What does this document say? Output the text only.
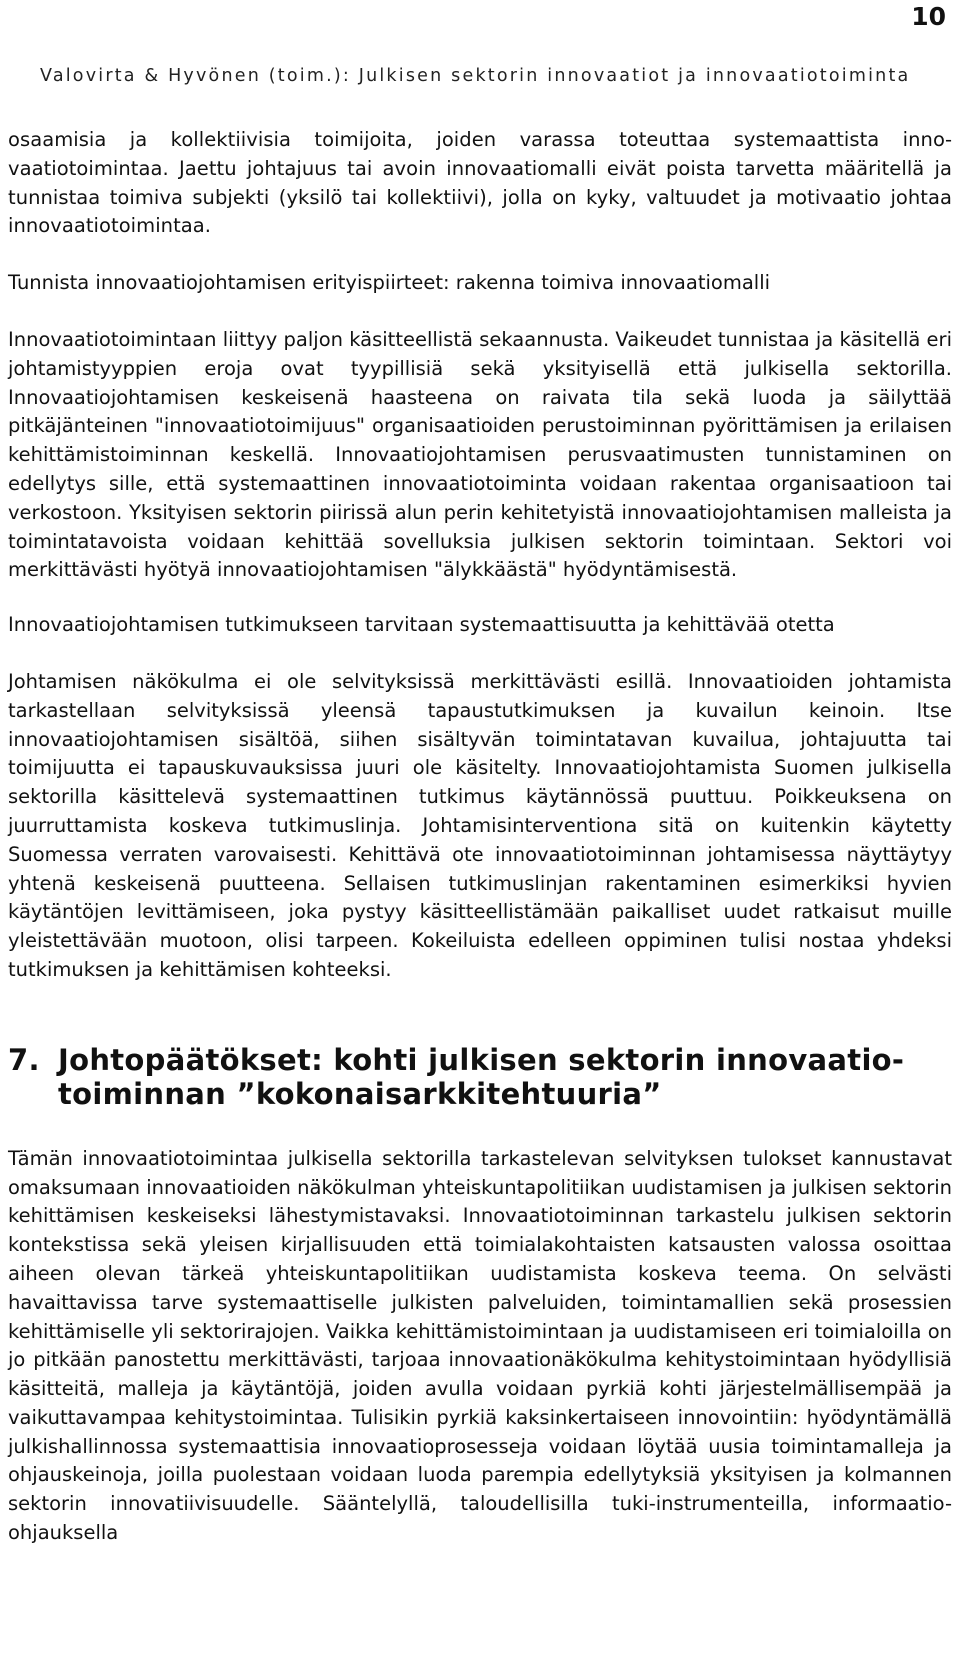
10
Valovirta & Hyvönen (toim.): Julkisen sektorin innovaatiot ja innovaatiotoiminta

osaamisia ja kollektiivisia toimijoita, joiden varassa toteuttaa systemaattista innovaatiotoimintaa. Jaettu johtajuus tai avoin innovaatiomalli eivät poista tarvetta määritellä ja tunnistaa toimiva subjekti (yksilö tai kollektiivi), jolla on kyky, valtuudet ja motivaatio johtaa innovaatiotoimintaa.

Tunnista innovaatiojohtamisen erityispiirteet: rakenna toimiva innovaatiomalli

Innovaatiotoimintaan liittyy paljon käsitteellistä sekaannusta. Vaikeudet tunnistaa ja käsitellä eri johtamistyyppien eroja ovat tyypillisiä sekä yksityisellä että julkisella sektorilla. Innovaatiojohtamisen keskeisenä haasteena on raivata tila sekä luoda ja säilyttää pitkäjänteinen "innovaatiotoimijuus" organisaatioiden perustoiminnan pyörittämisen ja erilaisen kehittämistoiminnan keskellä. Innovaatiojohtamisen perusvaatimusten tunnistaminen on edellytys sille, että systemaattinen innovaatiotoiminta voidaan rakentaa organisaatioon tai verkostoon. Yksityisen sektorin piirissä alun perin kehitetyistä innovaatiojohtamisen malleista ja toimintatavoista voidaan kehittää sovelluksia julkisen sektorin toimintaan. Sektori voi merkittävästi hyötyä innovaatiojohtamisen "älykkäästä" hyödyntämisestä.

Innovaatiojohtamisen tutkimukseen tarvitaan systemaattisuutta ja kehittävää otetta

Johtamisen näkökulma ei ole selvityksissä merkittävästi esillä. Innovaatioiden johtamista tarkastellaan selvityksissä yleensä tapaustutkimuksen ja kuvailun keinoin. Itse innovaatiojohtamisen sisältöä, siihen sisältyvän toimintatavan kuvailua, johtajuutta tai toimijuutta ei tapauskuvauksissa juuri ole käsitelty. Innovaatiojohtamista Suomen julkisella sektorilla käsittelevä systemaattinen tutkimus käytännössä puuttuu. Poikkeuksena on juurruttamista koskeva tutkimuslinja. Johtamisinterventiona sitä on kuitenkin käytetty Suomessa verraten varovaisesti. Kehittävä ote innovaatiotoiminnan johtamisessa näyttäytyy yhtenä keskeisenä puutteena. Sellaisen tutkimuslinjan rakentaminen esimerkiksi hyvien käytäntöjen levittämiseen, joka pystyy käsitteellistämään paikalliset uudet ratkaisut muille yleistettävään muotoon, olisi tarpeen. Kokeiluista edelleen oppiminen tulisi nostaa yhdeksi tutkimuksen ja kehittämisen kohteeksi.

7. Johtopäätökset: kohti julkisen sektorin innovaatiotoiminnan ”kokonaisarkkitehtuuria”

Tämän innovaatiotoimintaa julkisella sektorilla tarkastelevan selvityksen tulokset kannustavat omaksumaan innovaatioiden näkökulman yhteiskuntapolitiikan uudistamisen ja julkisen sektorin kehittämisen keskeiseksi lähestymistavaksi. Innovaatiotoiminnan tarkastelu julkisen sektorin kontekstissa sekä yleisen kirjallisuuden että toimialakohtaisten katsausten valossa osoittaa aiheen olevan tärkeä yhteiskuntapolitiikan uudistamista koskeva teema. On selvästi havaittavissa tarve systemaattiselle julkisten palveluiden, toimintamallien sekä prosessien kehittämiselle yli sektorirajojen. Vaikka kehittämistoimintaan ja uudistamiseen eri toimialoilla on jo pitkään panostettu merkittävästi, tarjoaa innovaationäkökulma kehitystoimintaan hyödyllisiä käsitteitä, malleja ja käytäntöjä, joiden avulla voidaan pyrkiä kohti järjestelmällisempää ja vaikuttavampaa kehitystoimintaa. Tulisikin pyrkiä kaksinkertaiseen innovointiin: hyödyntämällä julkishallinnossa systemaattisia innovaatioprosesseja voidaan löytää uusia toimintamalleja ja ohjauskeinoja, joilla puolestaan voidaan luoda parempia edellytyksiä yksityisen ja kolmannen sektorin innovatiivisuudelle. Sääntelyllä, taloudellisilla tuki-instrumenteilla, informaatio-ohjauksella
